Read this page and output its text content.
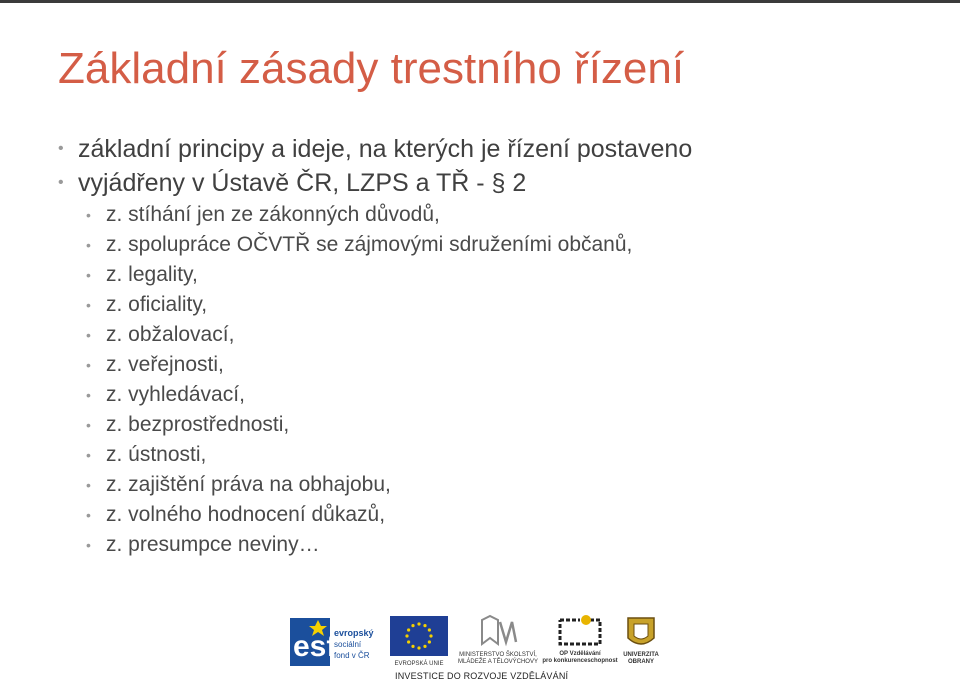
Základní zásady trestního řízení
• základní principy a ideje, na kterých je řízení postaveno
• vyjádřeny v Ústavě ČR, LZPS a TŘ - § 2
• z. stíhání jen ze zákonných důvodů,
• z. spolupráce OČVTŘ se zájmovými sdruženími občanů,
• z. legality,
• z. oficiality,
• z. obžalovací,
• z. veřejnosti,
• z. vyhledávací,
• z. bezprostřednosti,
• z. ústnosti,
• z. zajištění práva na obhajobu,
• z. volného hodnocení důkazů,
• z. presumpce neviny…
esf
evropský
sociální
fond v ČR
EVROPSKÁ UNIE
MINISTERSTVO ŠKOLSTVÍ,
MLÁDEŽE A TĚLOVÝCHOVY
OP Vzdělávání
pro konkurenceschopnost
UNIVERZITA
OBRANY
INVESTICE DO ROZVOJE VZDĚLÁVÁNÍ
